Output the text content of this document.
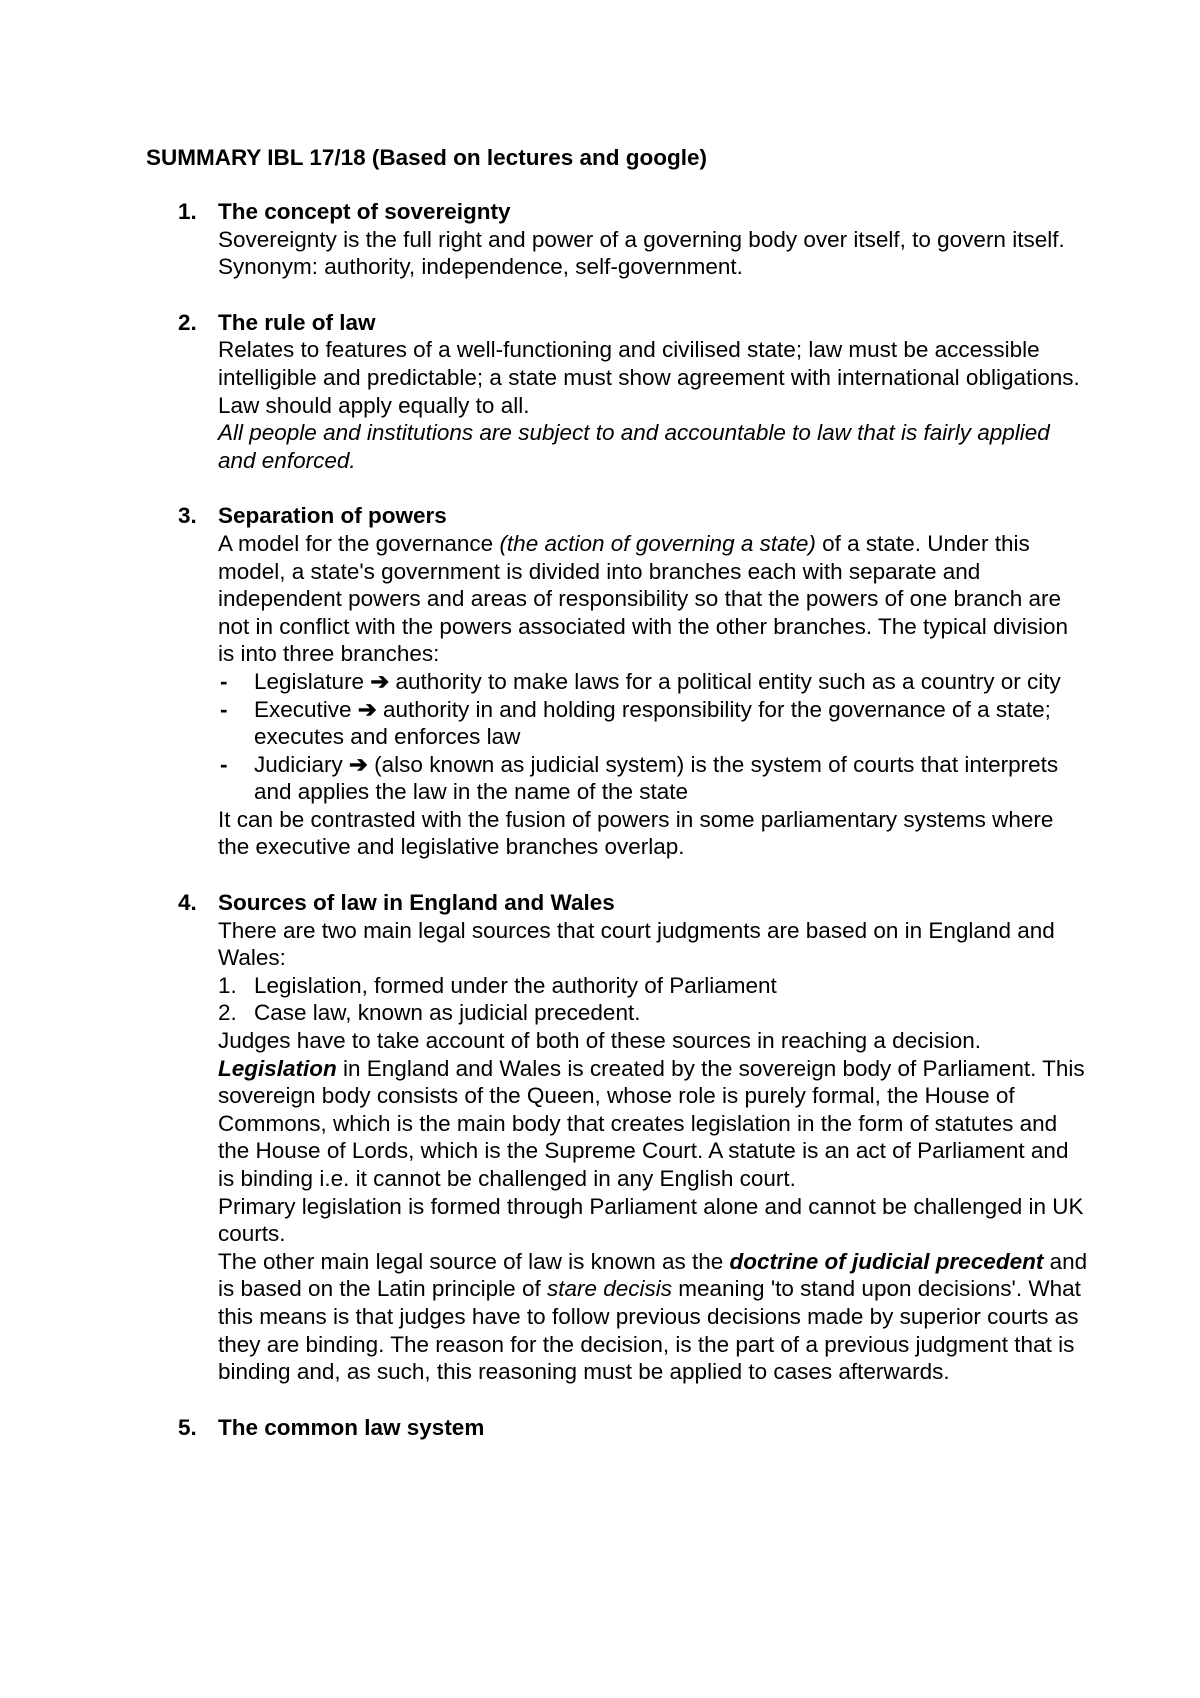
SUMMARY IBL 17/18 (Based on lectures and google)
1. The concept of sovereignty

Sovereignty is the full right and power of a governing body over itself, to govern itself. Synonym: authority, independence, self-government.

2. The rule of law

Relates to features of a well-functioning and civilised state; law must be accessible intelligible and predictable; a state must show agreement with international obligations. Law should apply equally to all.

All people and institutions are subject to and accountable to law that is fairly applied and enforced.

3. Separation of powers

A model for the governance (the action of governing a state) of a state. Under this model, a state's government is divided into branches each with separate and independent powers and areas of responsibility so that the powers of one branch are not in conflict with the powers associated with the other branches. The typical division is into three branches:

- Legislature ➔ authority to make laws for a political entity such as a country or city
- Executive ➔ authority in and holding responsibility for the governance of a state; executes and enforces law
- Judiciary ➔ (also known as judicial system) is the system of courts that interprets and applies the law in the name of the state

It can be contrasted with the fusion of powers in some parliamentary systems where the executive and legislative branches overlap.

4. Sources of law in England and Wales

There are two main legal sources that court judgments are based on in England and Wales:

1. Legislation, formed under the authority of Parliament
2. Case law, known as judicial precedent.

Judges have to take account of both of these sources in reaching a decision.

Legislation in England and Wales is created by the sovereign body of Parliament. This sovereign body consists of the Queen, whose role is purely formal, the House of Commons, which is the main body that creates legislation in the form of statutes and the House of Lords, which is the Supreme Court. A statute is an act of Parliament and is binding i.e. it cannot be challenged in any English court.

Primary legislation is formed through Parliament alone and cannot be challenged in UK courts.

The other main legal source of law is known as the doctrine of judicial precedent and is based on the Latin principle of stare decisis meaning 'to stand upon decisions'. What this means is that judges have to follow previous decisions made by superior courts as they are binding. The reason for the decision, is the part of a previous judgment that is binding and, as such, this reasoning must be applied to cases afterwards.

5. The common law system
